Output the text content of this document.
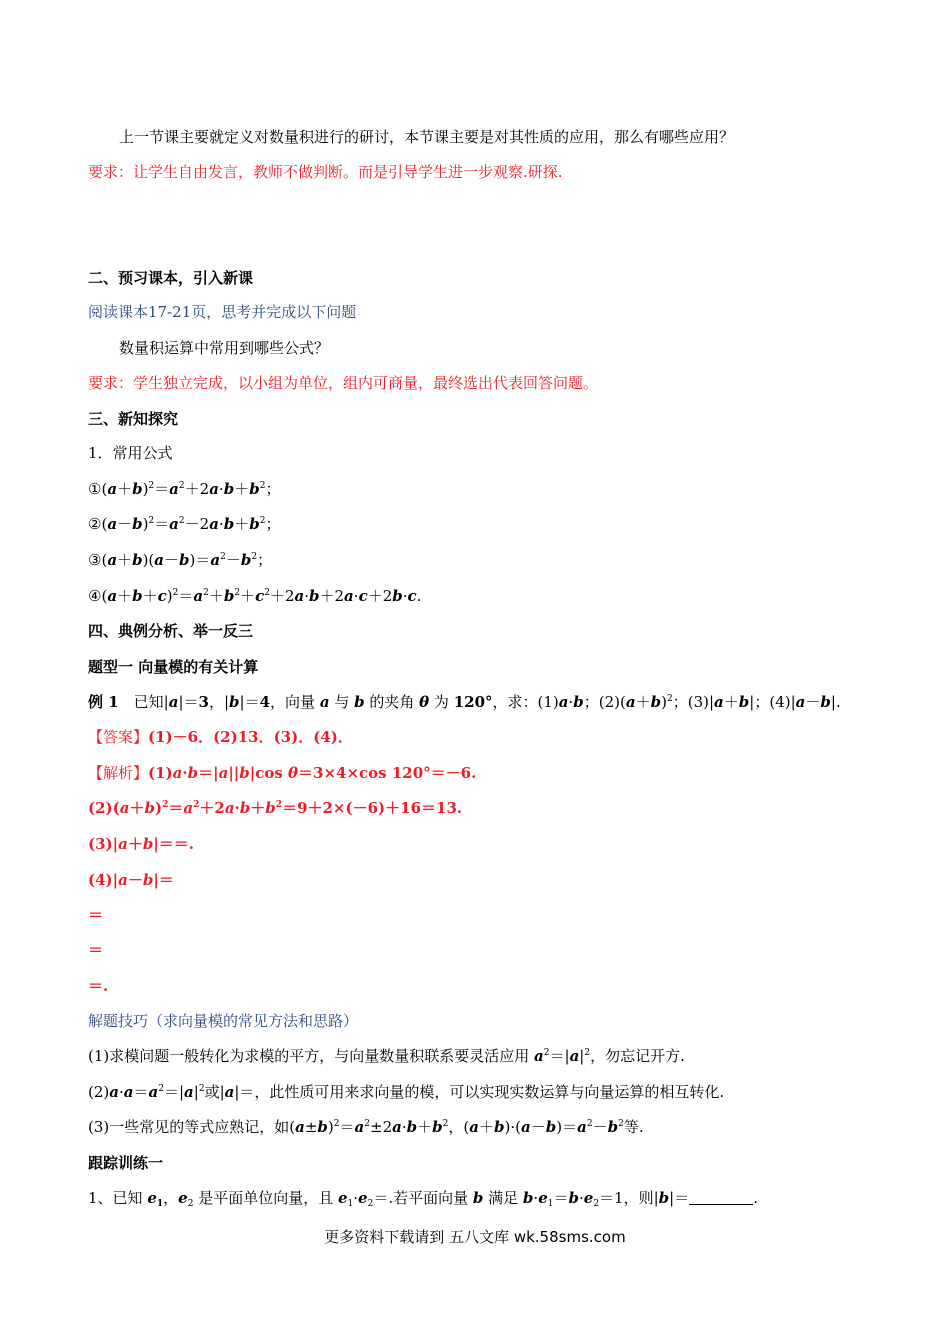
上一节课主要就定义对数量积进行的研讨，本节课主要是对其性质的应用，那么有哪些应用？
要求：让学生自由发言，教师不做判断。而是引导学生进一步观察.研探.
二、预习课本，引入新课
阅读课本17-21页，思考并完成以下问题
数量积运算中常用到哪些公式？
要求：学生独立完成，以小组为单位，组内可商量，最终选出代表回答问题。
三、新知探究
1．常用公式
$①(a+b)^2=a^2+2a\cdot b+b^2$；
$②(a-b)^2=a^2-2a\cdot b+b^2$；
$③(a+b)(a-b)=a^2-b^2$；
$④(a+b+c)^2=a^2+b^2+c^2+2a\cdot b+2a\cdot c+2b\cdot c$.
四、典例分析、举一反三
题型一 向量模的有关计算
例 1　已知|a|＝3，|b|＝4，向量 a 与 b 的夹角 θ 为 120°，求：(1)a·b；$(2)(a+b)^2$；(3)|a＋b|；(4)|a－b|.
【答案】(1)－6．(2)13．(3)．(4)．
【解析】(1)a·b＝|a||b|cos θ＝3×4×cos 120°＝－6.
$(2)(a+b)^2=a^2+2a\cdot b+b^2=9+2\times(-6)+16=13$.
(3)|a＋b|＝＝.
(4)|a－b|＝
＝
＝
＝.
解题技巧（求向量模的常见方法和思路）
(1)求模问题一般转化为求模的平方，与向量数量积联系要灵活应用 $a^2=|a|^2$，勿忘记开方.
$(2)a\cdot a=a^2=|a|^2$或|a|＝，此性质可用来求向量的模，可以实现实数运算与向量运算的相互转化.
(3)一些常见的等式应熟记，如$(a\pm b)^2=a^2\pm 2a\cdot b+b^2$，$(a+b)\cdot(a-b)=a^2-b^2$等.
跟踪训练一
1、已知 $e_1$，$e_2$ 是平面单位向量，且 $e_1\cdot e_2=$.若平面向量 b 满足 $b\cdot e_1=b\cdot e_2=1$，则|b|＝	.
更多资料下载请到 五八文库 wk.58sms.com
